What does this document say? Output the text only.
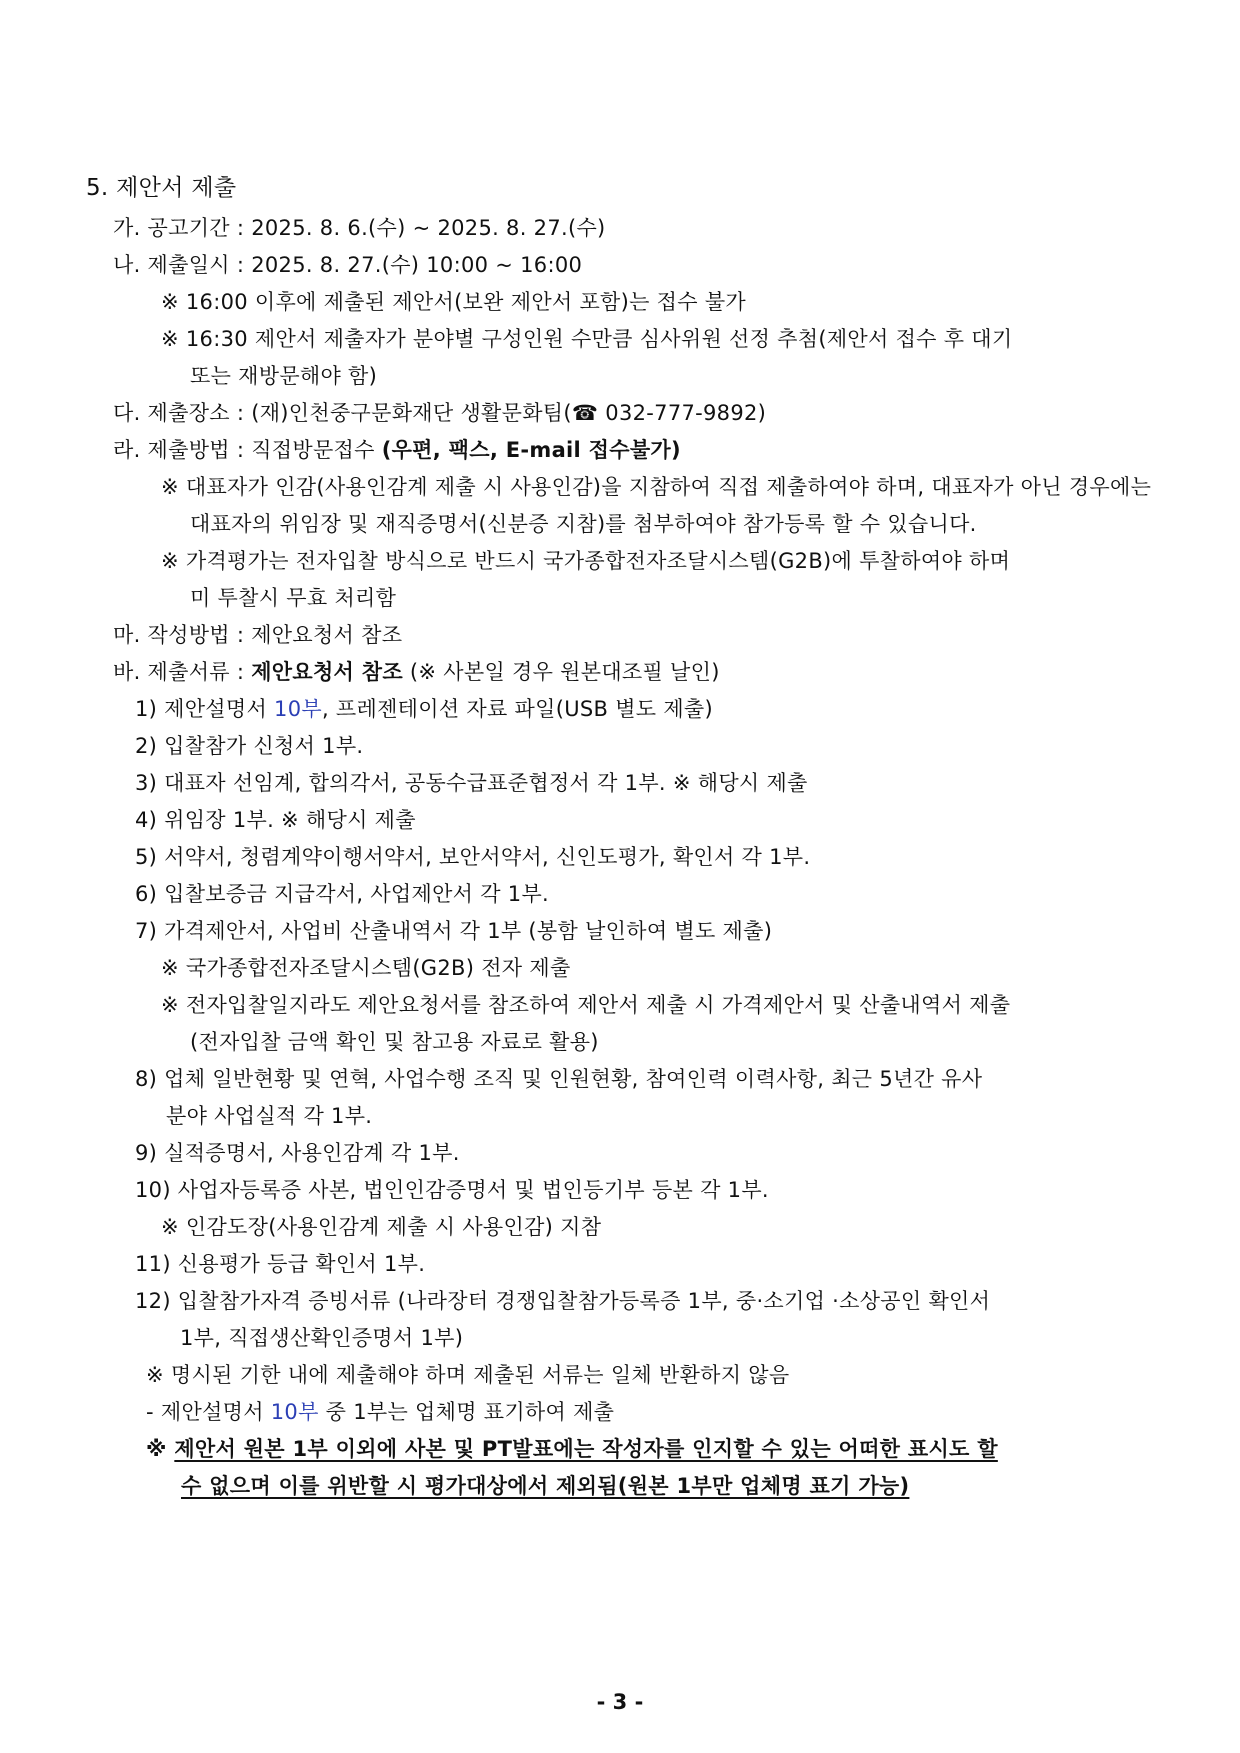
5. 제안서 제출
가. 공고기간 : 2025. 8. 6.(수) ~ 2025. 8. 27.(수)
나. 제출일시 : 2025. 8. 27.(수) 10:00 ~ 16:00
※ 16:00 이후에 제출된 제안서(보완 제안서 포함)는 접수 불가
※ 16:30 제안서 제출자가 분야별 구성인원 수만큼 심사위원 선정 추첨(제안서 접수 후 대기
또는 재방문해야 함)
다. 제출장소 : (재)인천중구문화재단 생활문화팀(☎ 032-777-9892)
라. 제출방법 : 직접방문접수 (우편, 팩스, E-mail 접수불가)
※ 대표자가 인감(사용인감계 제출 시 사용인감)을 지참하여 직접 제출하여야 하며, 대표자가 아닌 경우에는
대표자의 위임장 및 재직증명서(신분증 지참)를 첨부하여야 참가등록 할 수 있습니다.
※ 가격평가는 전자입찰 방식으로 반드시 국가종합전자조달시스템(G2B)에 투찰하여야 하며
미 투찰시 무효 처리함
마. 작성방법 : 제안요청서 참조
바. 제출서류 : 제안요청서 참조 (※ 사본일 경우 원본대조필 날인)
1) 제안설명서 10부, 프레젠테이션 자료 파일(USB 별도 제출)
2) 입찰참가 신청서 1부.
3) 대표자 선임계, 합의각서, 공동수급표준협정서 각 1부. ※ 해당시 제출
4) 위임장 1부. ※ 해당시 제출
5) 서약서, 청렴계약이행서약서, 보안서약서, 신인도평가, 확인서 각 1부.
6) 입찰보증금 지급각서, 사업제안서 각 1부.
7) 가격제안서, 사업비 산출내역서 각 1부 (봉함 날인하여 별도 제출)
※ 국가종합전자조달시스템(G2B) 전자 제출
※ 전자입찰일지라도 제안요청서를 참조하여 제안서 제출 시 가격제안서 및 산출내역서 제출
(전자입찰 금액 확인 및 참고용 자료로 활용)
8) 업체 일반현황 및 연혁, 사업수행 조직 및 인원현황, 참여인력 이력사항, 최근 5년간 유사
분야 사업실적 각 1부.
9) 실적증명서, 사용인감계 각 1부.
10) 사업자등록증 사본, 법인인감증명서 및 법인등기부 등본 각 1부.
※ 인감도장(사용인감계 제출 시 사용인감) 지참
11) 신용평가 등급 확인서 1부.
12) 입찰참가자격 증빙서류 (나라장터 경쟁입찰참가등록증 1부, 중·소기업 ·소상공인 확인서
1부, 직접생산확인증명서 1부)
※ 명시된 기한 내에 제출해야 하며 제출된 서류는 일체 반환하지 않음
- 제안설명서 10부 중 1부는 업체명 표기하여 제출
※ 제안서 원본 1부 이외에 사본 및 PT발표에는 작성자를 인지할 수 있는 어떠한 표시도 할
수 없으며 이를 위반할 시 평가대상에서 제외됨(원본 1부만 업체명 표기 가능)
- 3 -
